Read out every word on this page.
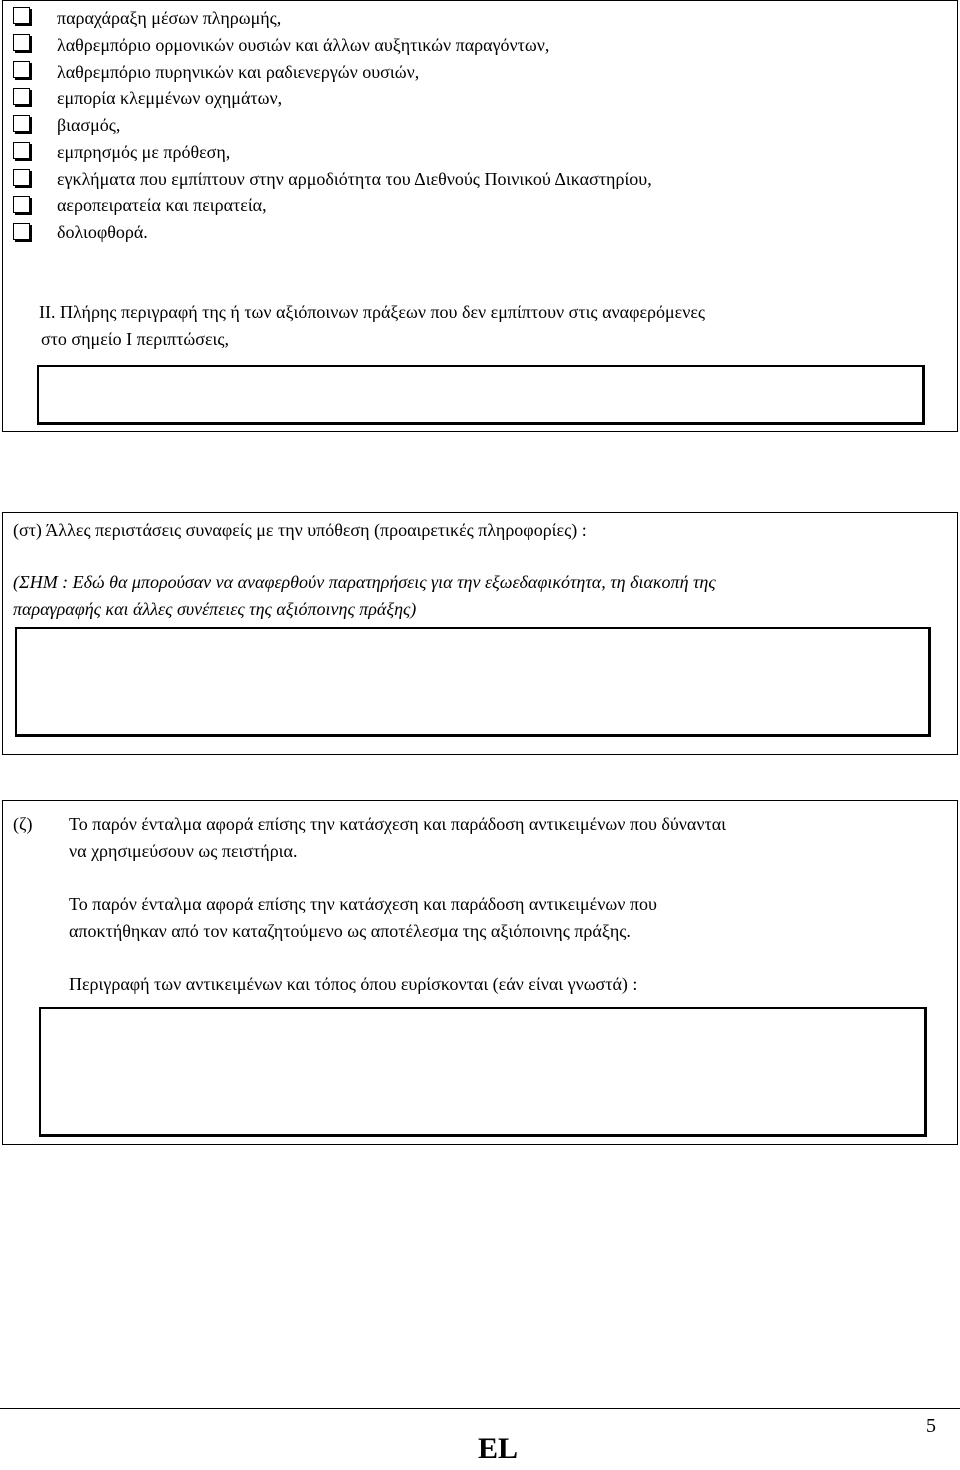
παραχάραξη μέσων πληρωμής,
λαθρεμπόριο ορμονικών ουσιών και άλλων αυξητικών παραγόντων,
λαθρεμπόριο πυρηνικών και ραδιενεργών ουσιών,
εμπορία κλεμμένων οχημάτων,
βιασμός,
εμπρησμός με πρόθεση,
εγκλήματα που εμπίπτουν στην αρμοδιότητα του Διεθνούς Ποινικού Δικαστηρίου,
αεροπειρατεία και πειρατεία,
δολιοφθορά.
II. Πλήρης περιγραφή της ή των αξιόποινων πράξεων που δεν εμπίπτουν στις αναφερόμενες
στο σημείο I περιπτώσεις,
(στ) Άλλες περιστάσεις συναφείς με την υπόθεση (προαιρετικές πληροφορίες) :
(ΣΗΜ : Εδώ θα μπορούσαν να αναφερθούν παρατηρήσεις για την εξωεδαφικότητα, τη διακοπή της
παραγραφής και άλλες συνέπειες της αξιόποινης πράξης)
(ζ) Το παρόν ένταλμα αφορά επίσης την κατάσχεση και παράδοση αντικειμένων που δύνανται
να χρησιμεύσουν ως πειστήρια.
Το παρόν ένταλμα αφορά επίσης την κατάσχεση και παράδοση αντικειμένων που
αποκτήθηκαν από τον καταζητούμενο ως αποτέλεσμα της αξιόποινης πράξης.
Περιγραφή των αντικειμένων και τόπος όπου ευρίσκονται (εάν είναι γνωστά) :
5
EL
